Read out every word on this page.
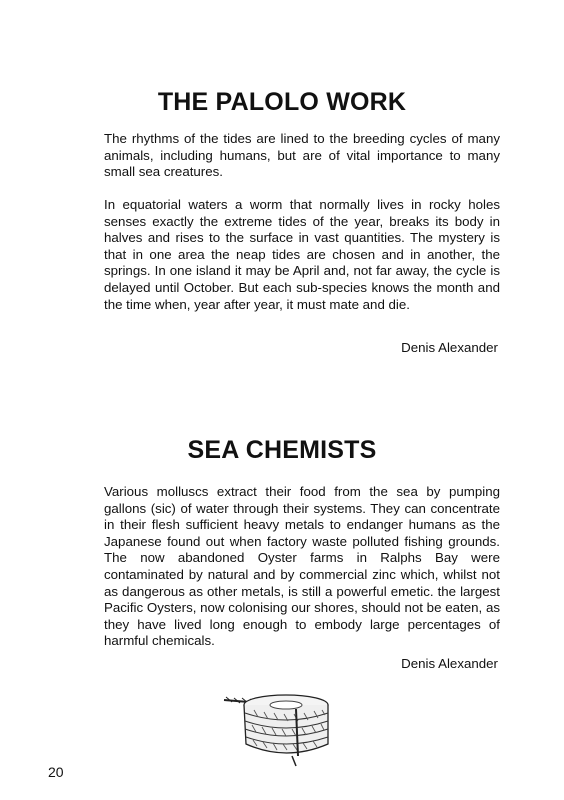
THE PALOLO WORK

The rhythms of the tides are lined to the breeding cycles of many animals, including humans, but are of vital importance to many small sea creatures.

In equatorial waters a worm that normally lives in rocky holes senses exactly the extreme tides of the year, breaks its body in halves and rises to the surface in vast quantities. The mystery is that in one area the neap tides are chosen and in another, the springs. In one island it may be April and, not far away, the cycle is delayed until October. But each sub-species knows the month and the time when, year after year, it must mate and die.

Denis Alexander

SEA CHEMISTS

Various molluscs extract their food from the sea by pumping gallons (sic) of water through their systems. They can concentrate in their flesh sufficient heavy metals to endanger humans as the Japanese found out when factory waste polluted fishing grounds. The now abandoned Oyster farms in Ralphs Bay were contaminated by natural and by commercial zinc which, whilst not as dangerous as other metals, is still a powerful emetic. the largest Pacific Oysters, now colonising our shores, should not be eaten, as they have lived long enough to embody large percentages of harmful chemicals.

Denis Alexander

20
